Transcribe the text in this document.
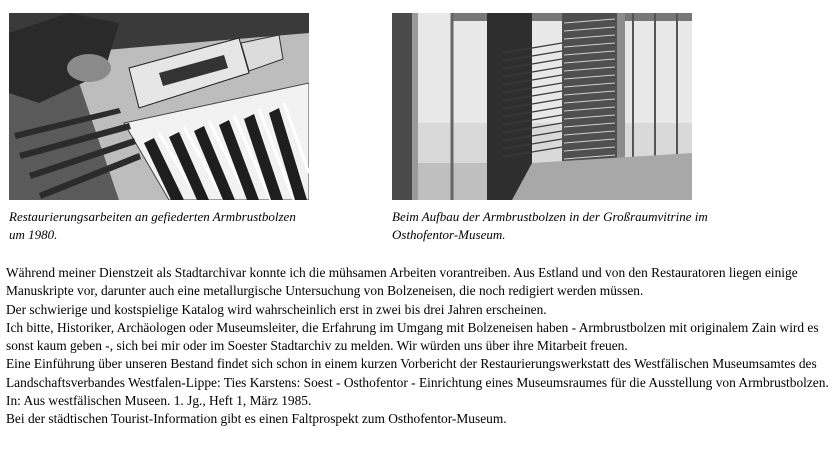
Restaurierungsarbeiten an gefiederten Armbrustbolzen
um 1980.
Beim Aufbau der Armbrustbolzen in der Großraumvitrine im
Osthofentor-Museum.

Während meiner Dienstzeit als Stadtarchivar konnte ich die mühsamen Arbeiten vorantreiben. Aus Estland und von den Restauratoren liegen einige Manuskripte vor, darunter auch eine metallurgische Untersuchung von Bolzeneisen, die noch redigiert werden müssen.

Der schwierige und kostspielige Katalog wird wahrscheinlich erst in zwei bis drei Jahren erscheinen.

Ich bitte, Historiker, Archäologen oder Museumsleiter, die Erfahrung im Umgang mit Bolzeneisen haben - Armbrustbolzen mit originalem Zain wird es sonst kaum geben -, sich bei mir oder im Soester Stadtarchiv zu melden. Wir würden uns über ihre Mitarbeit freuen.

Eine Einführung über unseren Bestand findet sich schon in einem kurzen Vorbericht der Restaurierungswerkstatt des Westfälischen Museumsamtes des Landschaftsverbandes Westfalen-Lippe: Ties Karstens: Soest - Osthofentor - Einrichtung eines Museumsraumes für die Ausstellung von Armbrustbolzen. In: Aus westfälischen Museen. 1. Jg., Heft 1, März 1985.

Bei der städtischen Tourist-Information gibt es einen Faltprospekt zum Osthofentor-Museum.
